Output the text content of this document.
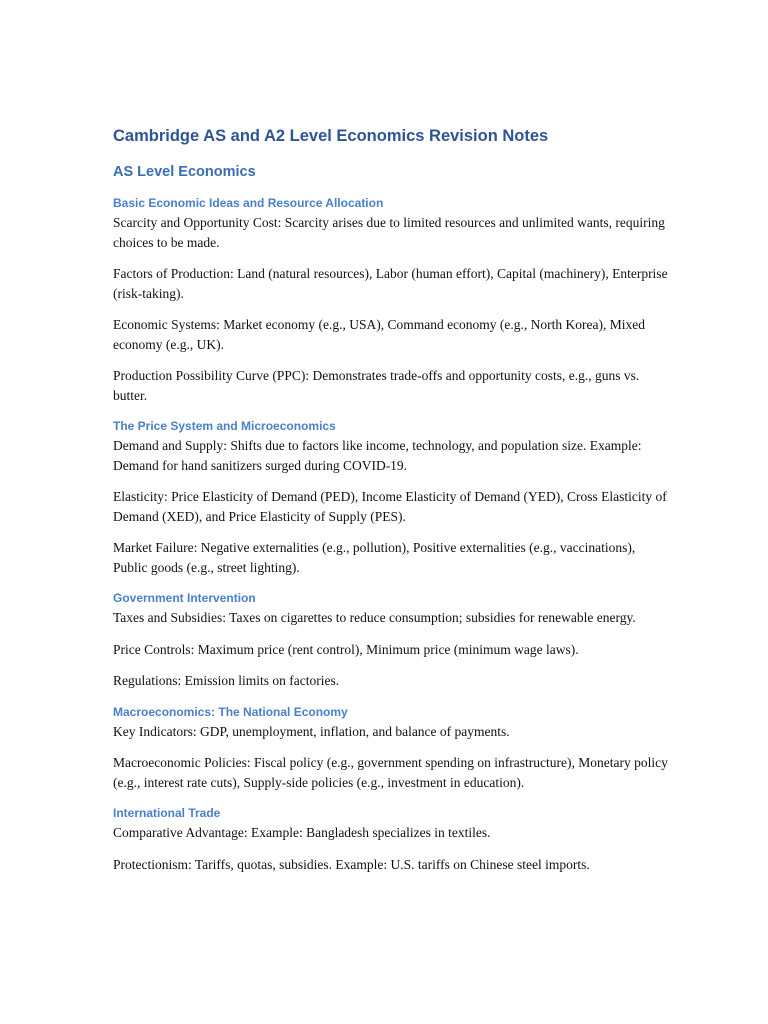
Cambridge AS and A2 Level Economics Revision Notes
AS Level Economics
Basic Economic Ideas and Resource Allocation

Scarcity and Opportunity Cost: Scarcity arises due to limited resources and unlimited wants, requiring choices to be made.

Factors of Production: Land (natural resources), Labor (human effort), Capital (machinery), Enterprise (risk-taking).

Economic Systems: Market economy (e.g., USA), Command economy (e.g., North Korea), Mixed economy (e.g., UK).

Production Possibility Curve (PPC): Demonstrates trade-offs and opportunity costs, e.g., guns vs. butter.

The Price System and Microeconomics

Demand and Supply: Shifts due to factors like income, technology, and population size. Example: Demand for hand sanitizers surged during COVID-19.

Elasticity: Price Elasticity of Demand (PED), Income Elasticity of Demand (YED), Cross Elasticity of Demand (XED), and Price Elasticity of Supply (PES).

Market Failure: Negative externalities (e.g., pollution), Positive externalities (e.g., vaccinations), Public goods (e.g., street lighting).

Government Intervention

Taxes and Subsidies: Taxes on cigarettes to reduce consumption; subsidies for renewable energy.

Price Controls: Maximum price (rent control), Minimum price (minimum wage laws).

Regulations: Emission limits on factories.

Macroeconomics: The National Economy

Key Indicators: GDP, unemployment, inflation, and balance of payments.

Macroeconomic Policies: Fiscal policy (e.g., government spending on infrastructure), Monetary policy (e.g., interest rate cuts), Supply-side policies (e.g., investment in education).

International Trade

Comparative Advantage: Example: Bangladesh specializes in textiles.

Protectionism: Tariffs, quotas, subsidies. Example: U.S. tariffs on Chinese steel imports.
